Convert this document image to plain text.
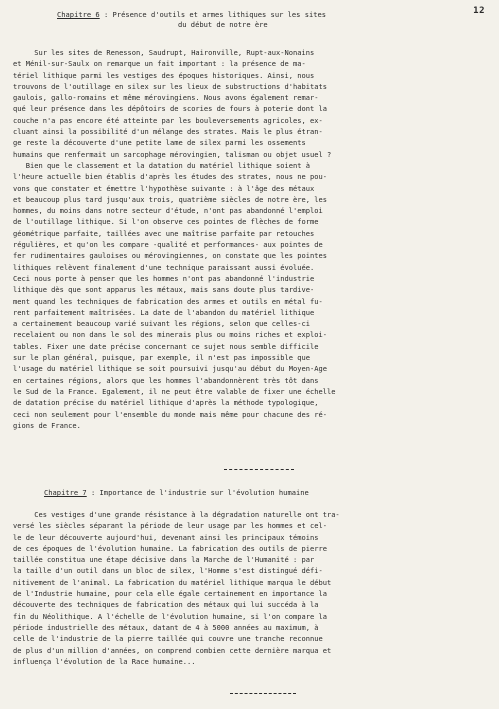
12
Chapitre 6 : Présence d'outils et armes lithiques sur les sites
du début de notre ère
Sur les sites de Renesson, Saudrupt, Haironville, Rupt-aux-Nonains
et Ménil-sur-Saulx on remarque un fait important : la présence de ma-
tériel lithique parmi les vestiges des époques historiques. Ainsi, nous
trouvons de l'outillage en silex sur les lieux de substructions d'habitats
gaulois, gallo-romains et même mérovingiens. Nous avons également remar-
qué leur présence dans les dépôtoirs de scories de fours à poterie dont la
couche n'a pas encore été atteinte par les bouleversements agricoles, ex-
cluant ainsi la possibilité d'un mélange des strates. Mais le plus étran-
ge reste la découverte d'une petite lame de silex parmi les ossements
humains que renfermait un sarcophage mérovingien, talisman ou objet usuel ?
Bien que le classement et la datation du matériel lithique soient à
l'heure actuelle bien établis d'après les études des strates, nous ne pou-
vons que constater et émettre l'hypothèse suivante : à l'âge des métaux
et beaucoup plus tard jusqu'aux trois, quatrième siècles de notre ère, les
hommes, du moins dans notre secteur d'étude, n'ont pas abandonné l'emploi
de l'outillage lithique. Si l'on observe ces pointes de flèches de forme
géométrique parfaite, taillées avec une maîtrise parfaite par retouches
régulières, et qu'on les compare -qualité et performances- aux pointes de
fer rudimentaires gauloises ou mérovingiennes, on constate que les pointes
lithiques relèvent finalement d'une technique paraissant aussi évoluée.
Ceci nous porte à penser que les hommes n'ont pas abandonné l'industrie
lithique dès que sont apparus les métaux, mais sans doute plus tardive-
ment quand les techniques de fabrication des armes et outils en métal fu-
rent parfaitement maîtrisées. La date de l'abandon du matériel lithique
a certainement beaucoup varié suivant les régions, selon que celles-ci
recelaient ou non dans le sol des minerais plus ou moins riches et exploi-
tables. Fixer une date précise concernant ce sujet nous semble difficile
sur le plan général, puisque, par exemple, il n'est pas impossible que
l'usage du matériel lithique se soit poursuivi jusqu'au début du Moyen-Age
en certaines régions, alors que les hommes l'abandonnèrent très tôt dans
le Sud de la France. Egalement, il ne peut être valable de fixer une échelle
de datation précise du matériel lithique d'après la méthode typologique,
ceci non seulement pour l'ensemble du monde mais même pour chacune des ré-
gions de France.
Chapitre 7 : Importance de l'industrie sur l'évolution humaine
Ces vestiges d'une grande résistance à la dégradation naturelle ont tra-
versé les siècles séparant la période de leur usage par les hommes et cel-
le de leur découverte aujourd'hui, devenant ainsi les principaux témoins
de ces époques de l'évolution humaine. La fabrication des outils de pierre
taillée constitua une étape décisive dans la Marche de l'Humanité : par
la taille d'un outil dans un bloc de silex, l'Homme s'est distingué défi-
nitivement de l'animal. La fabrication du matériel lithique marqua le début
de l'Industrie humaine, pour cela elle égale certainement en importance la
découverte des techniques de fabrication des métaux qui lui succéda à la
fin du Néolithique. A l'échelle de l'évolution humaine, si l'on compare la
période industrielle des métaux, datant de 4 à 5000 années au maximum, à
celle de l'industrie de la pierre taillée qui couvre une tranche reconnue
de plus d'un million d'années, on comprend combien cette dernière marqua et
influença l'évolution de la Race humaine...
